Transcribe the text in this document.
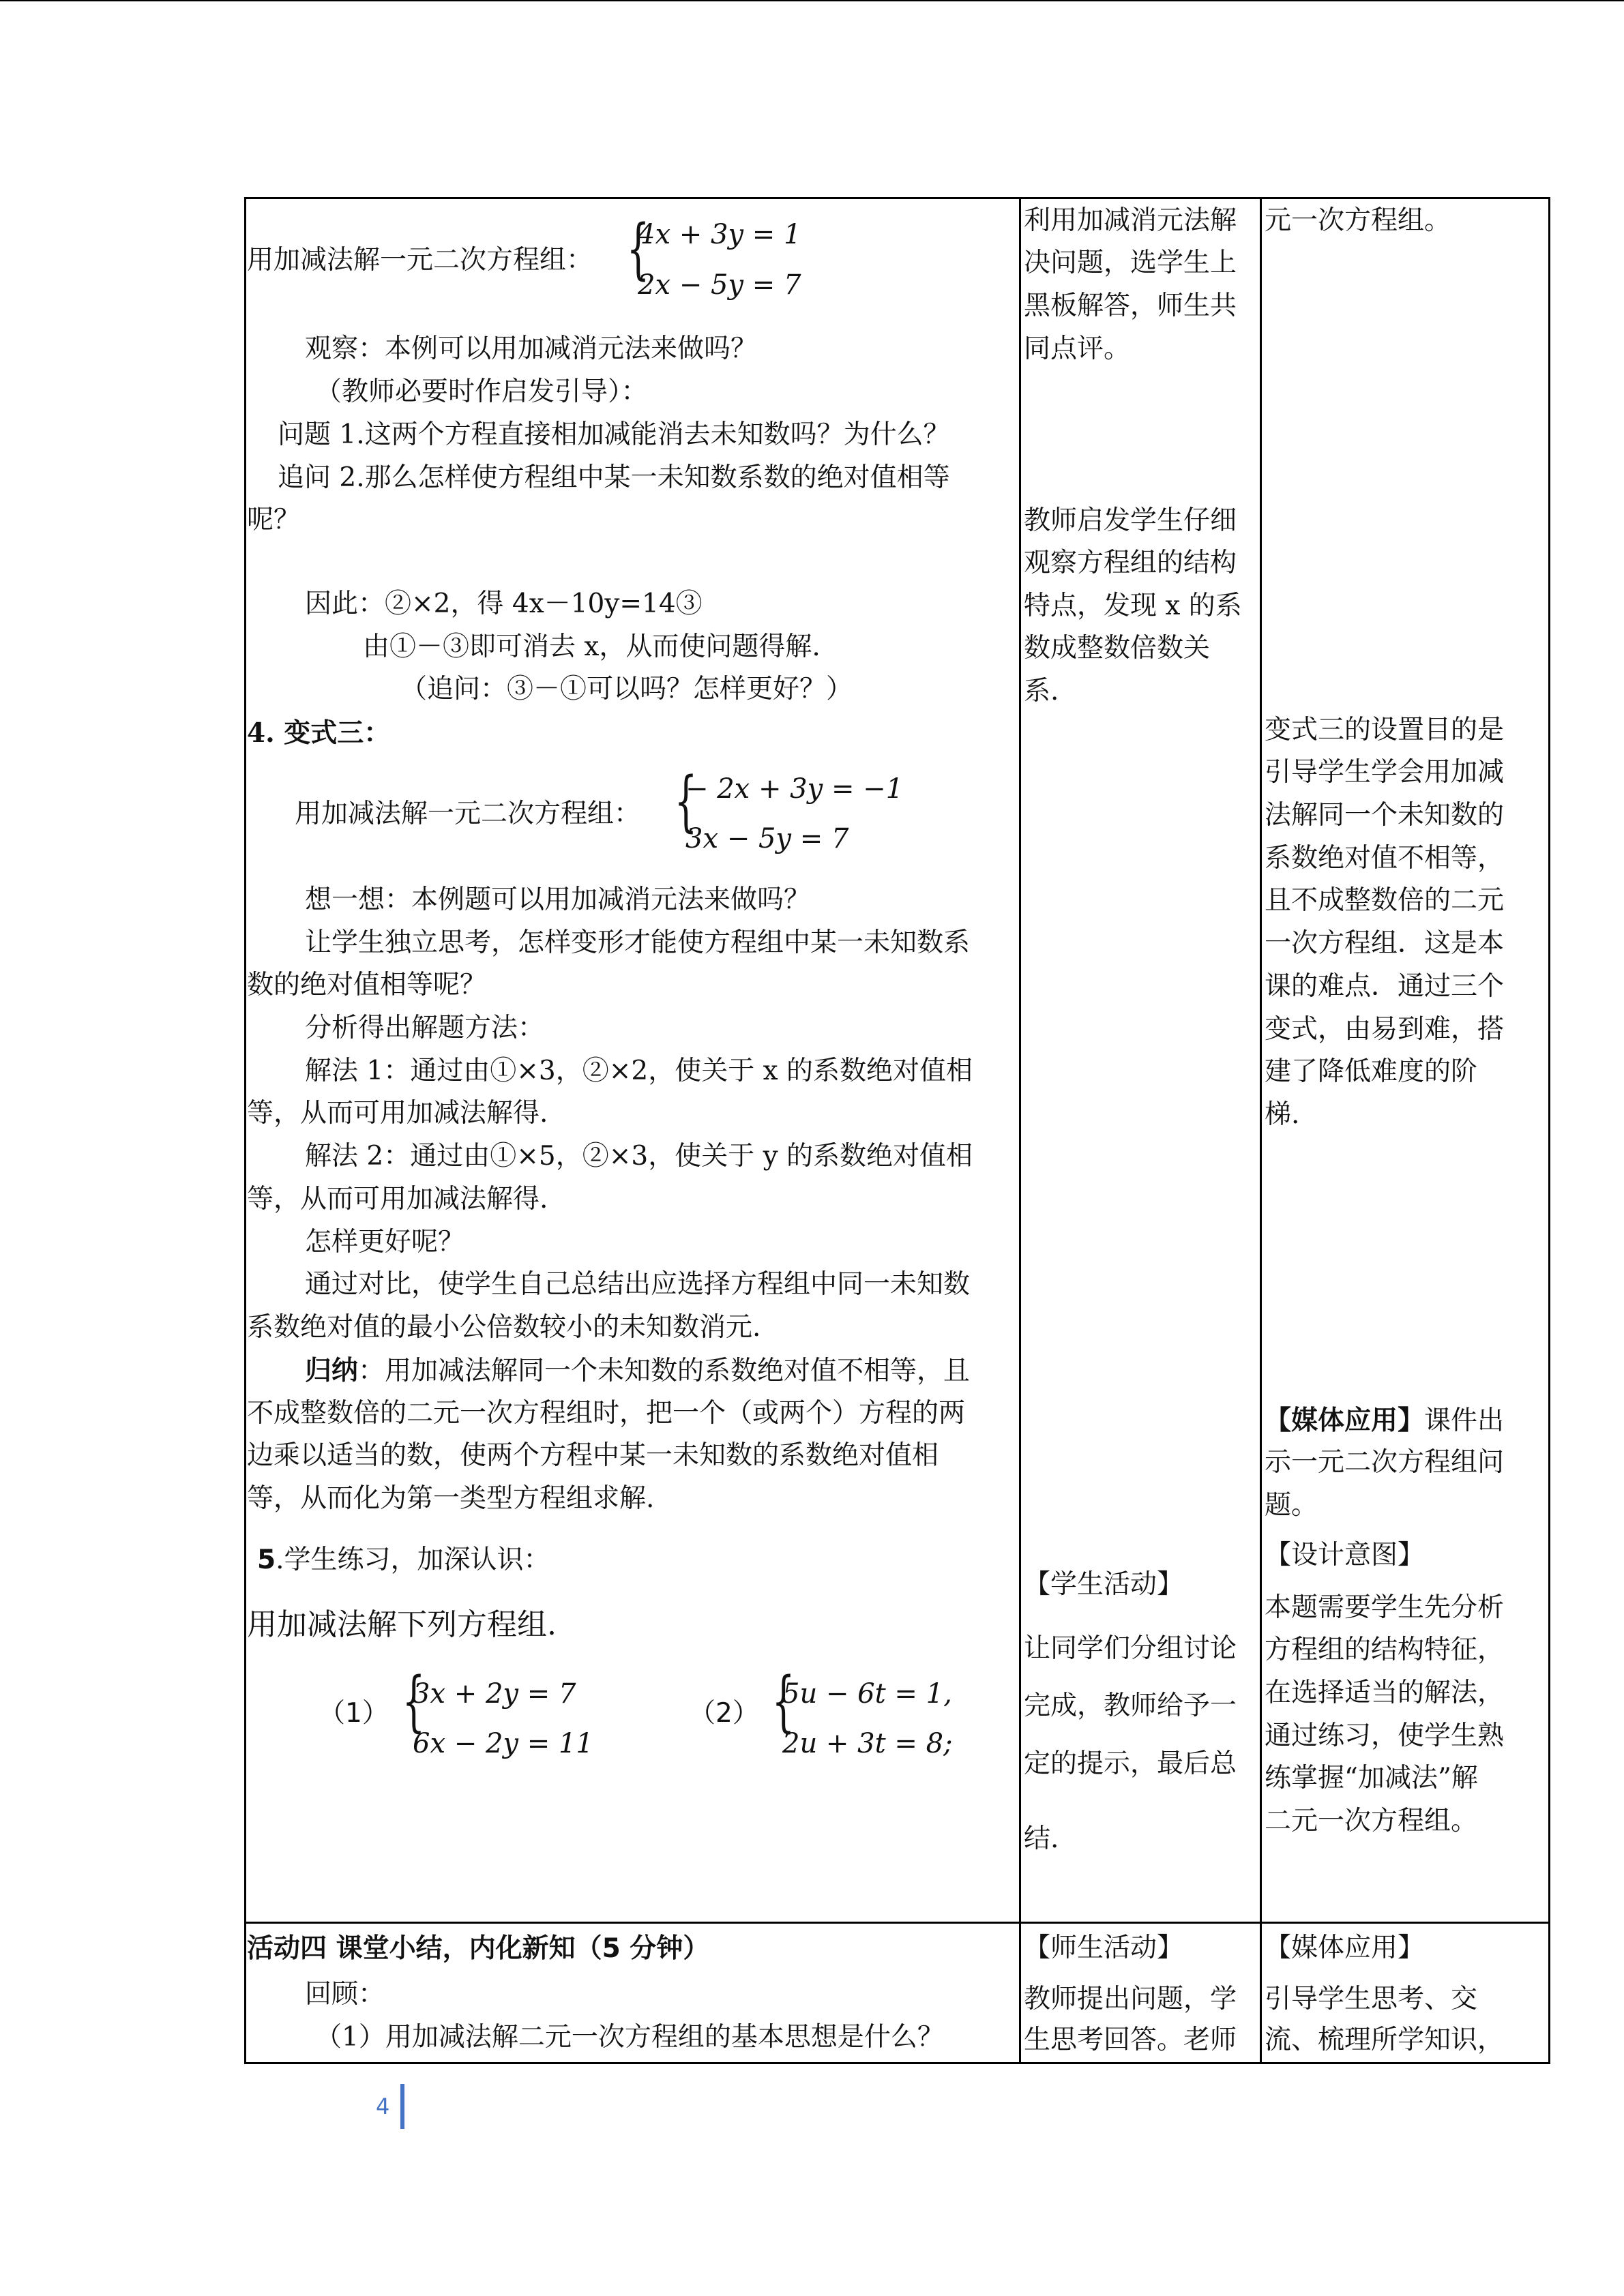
用加减法解一元二次方程组： {
4x + 3y = 1
2x − 5y = 7
观察：本例可以用加减消元法来做吗？
（教师必要时作启发引导）：
问题 1.这两个方程直接相加减能消去未知数吗？为什么？
追问 2.那么怎样使方程组中某一未知数系数的绝对值相等
呢？
因此：②×2，得 4x－10y=14③
由①－③即可消去 x，从而使问题得解.
（追问：③－①可以吗？怎样更好？）
4. 变式三：
用加减法解一元二次方程组： {
− 2x + 3y = −1
3x − 5y = 7
想一想：本例题可以用加减消元法来做吗？
让学生独立思考，怎样变形才能使方程组中某一未知数系
数的绝对值相等呢？
分析得出解题方法：
解法 1：通过由①×3，②×2，使关于 x 的系数绝对值相
等，从而可用加减法解得.
解法 2：通过由①×5，②×3，使关于 y 的系数绝对值相
等，从而可用加减法解得.
怎样更好呢？
通过对比，使学生自己总结出应选择方程组中同一未知数
系数绝对值的最小公倍数较小的未知数消元.
归纳：用加减法解同一个未知数的系数绝对值不相等，且
不成整数倍的二元一次方程组时，把一个（或两个）方程的两
边乘以适当的数，使两个方程中某一未知数的系数绝对值相
等，从而化为第一类型方程组求解.
5.学生练习，加深认识：
用加减法解下列方程组.
（1） {
3x + 2y = 7
6x − 2y = 11
（2） {
5u − 6t = 1,
2u + 3t = 8;
活动四 课堂小结，内化新知（5 分钟）
回顾：
（1）用加减法解二元一次方程组的基本思想是什么？
利用加减消元法解
决问题，选学生上
黑板解答，师生共
同点评。
教师启发学生仔细
观察方程组的结构
特点，发现 x 的系
数成整数倍数关
系.
【学生活动】
让同学们分组讨论
完成，教师给予一
定的提示，最后总
结.
【师生活动】
教师提出问题，学
生思考回答。老师
元一次方程组。
变式三的设置目的是
引导学生学会用加减
法解同一个未知数的
系数绝对值不相等，
且不成整数倍的二元
一次方程组．这是本
课的难点．通过三个
变式，由易到难，搭
建了降低难度的阶
梯.
【媒体应用】课件出
示一元二次方程组问
题。
【设计意图】
本题需要学生先分析
方程组的结构特征，
在选择适当的解法，
通过练习，使学生熟
练掌握“加减法”解
二元一次方程组。
【媒体应用】
引导学生思考、交
流、梳理所学知识，
4
